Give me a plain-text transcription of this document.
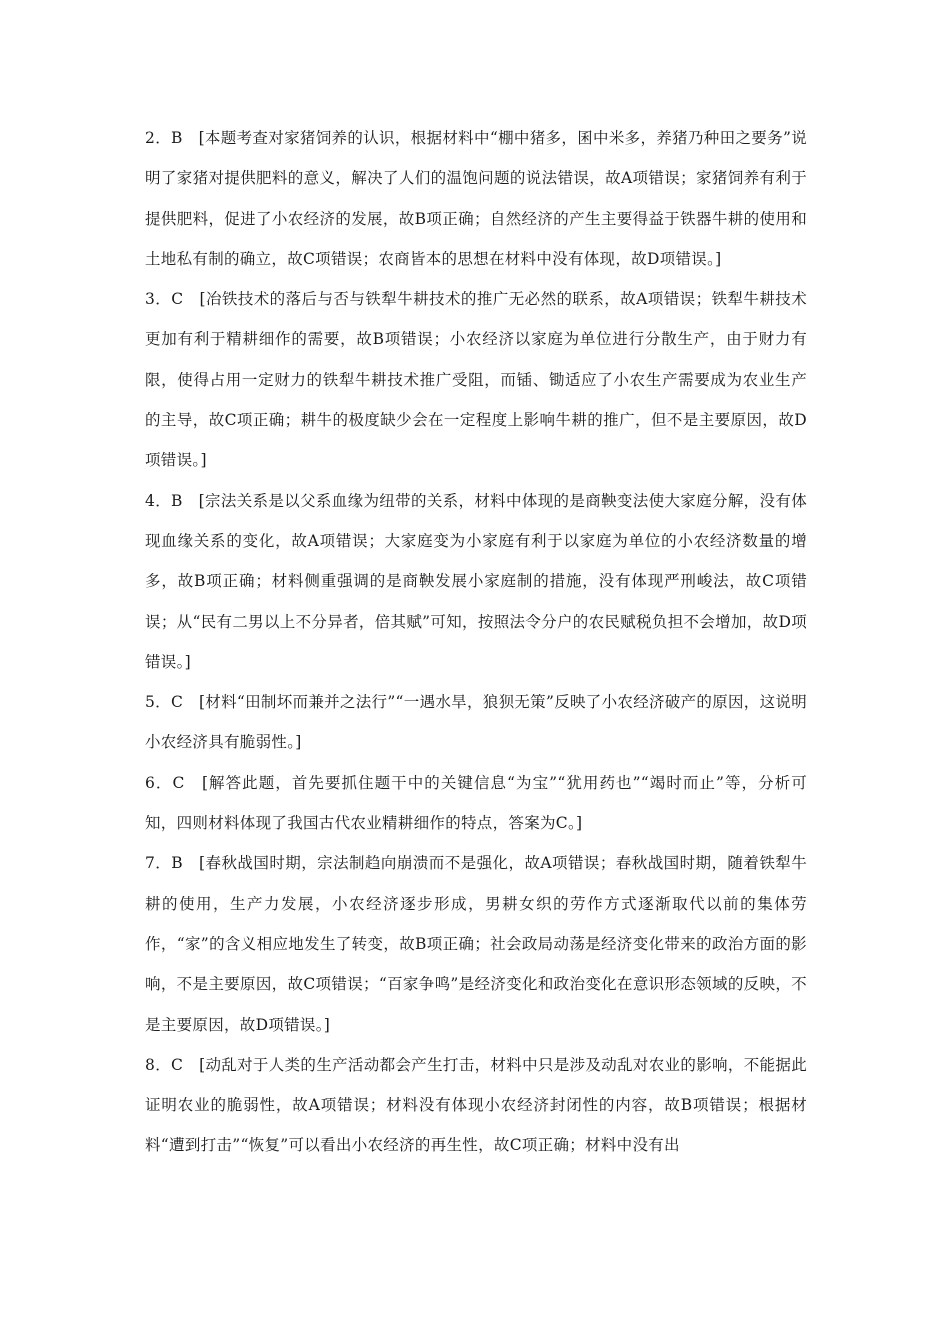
2．B　[本题考查对家猪饲养的认识，根据材料中“棚中猪多，囷中米多，养猪乃种田之要务”说明了家猪对提供肥料的意义，解决了人们的温饱问题的说法错误，故A项错误；家猪饲养有利于提供肥料，促进了小农经济的发展，故B项正确；自然经济的产生主要得益于铁器牛耕的使用和土地私有制的确立，故C项错误；农商皆本的思想在材料中没有体现，故D项错误。]

3．C　[冶铁技术的落后与否与铁犁牛耕技术的推广无必然的联系，故A项错误；铁犁牛耕技术更加有利于精耕细作的需要，故B项错误；小农经济以家庭为单位进行分散生产，由于财力有限，使得占用一定财力的铁犁牛耕技术推广受阻，而锸、锄适应了小农生产需要成为农业生产的主导，故C项正确；耕牛的极度缺少会在一定程度上影响牛耕的推广，但不是主要原因，故D项错误。]

4．B　[宗法关系是以父系血缘为纽带的关系，材料中体现的是商鞅变法使大家庭分解，没有体现血缘关系的变化，故A项错误；大家庭变为小家庭有利于以家庭为单位的小农经济数量的增多，故B项正确；材料侧重强调的是商鞅发展小家庭制的措施，没有体现严刑峻法，故C项错误；从“民有二男以上不分异者，倍其赋”可知，按照法令分户的农民赋税负担不会增加，故D项错误。]

5．C　[材料“田制坏而兼并之法行”“一遇水旱，狼狈无策”反映了小农经济破产的原因，这说明小农经济具有脆弱性。]

6．C　[解答此题，首先要抓住题干中的关键信息“为宝”“犹用药也”“竭时而止”等，分析可知，四则材料体现了我国古代农业精耕细作的特点，答案为C。]

7．B　[春秋战国时期，宗法制趋向崩溃而不是强化，故A项错误；春秋战国时期，随着铁犁牛耕的使用，生产力发展，小农经济逐步形成，男耕女织的劳作方式逐渐取代以前的集体劳作，“家”的含义相应地发生了转变，故B项正确；社会政局动荡是经济变化带来的政治方面的影响，不是主要原因，故C项错误；“百家争鸣”是经济变化和政治变化在意识形态领域的反映，不是主要原因，故D项错误。]

8．C　[动乱对于人类的生产活动都会产生打击，材料中只是涉及动乱对农业的影响，不能据此证明农业的脆弱性，故A项错误；材料没有体现小农经济封闭性的内容，故B项错误；根据材料“遭到打击”“恢复”可以看出小农经济的再生性，故C项正确；材料中没有出
